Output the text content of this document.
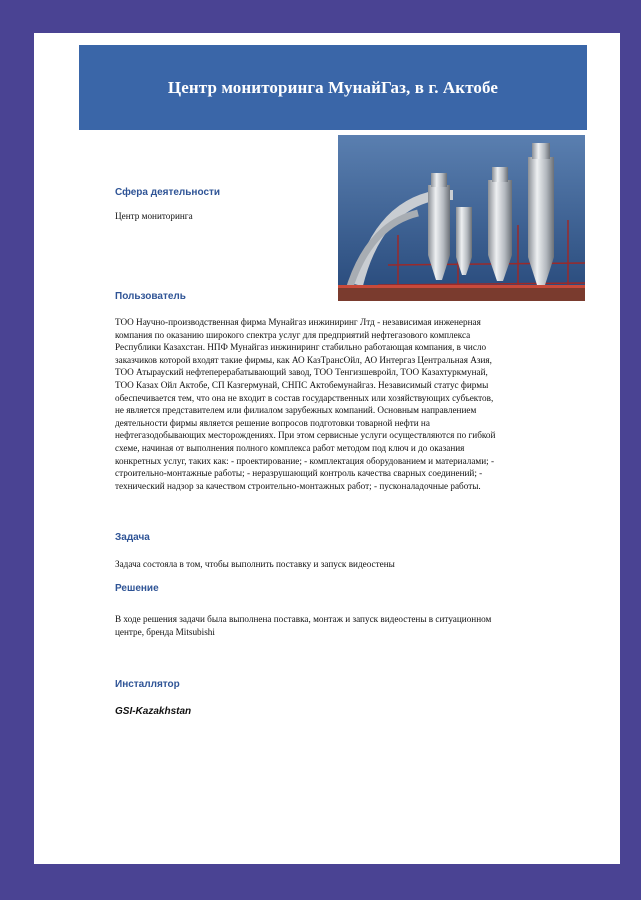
Центр мониторинга МунайГаз, в г. Актобе
Сфера деятельности
Центр мониторинга
Пользователь
ТОО Научно-производственная фирма Мунайгаз инжиниринг Лтд - независимая инженерная
компания по оказанию широкого спектра услуг для предприятий нефтегазового комплекса
Республики Казахстан. НПФ Мунайгаз инжиниринг стабильно работающая компания, в число
заказчиков которой входят такие фирмы, как АО КазТрансОйл, АО Интергаз Центральная Азия,
ТОО Атырауский нефтеперерабатывающий завод, ТОО Тенгизшевройл, ТОО Казахтуркмунай,
ТОО Казах Ойл Актобе, СП Казгермунай, СНПС Актобемунайгаз. Независимый статус фирмы
обеспечивается тем, что она не входит в состав государственных или хозяйствующих субъектов,
не является представителем или филиалом зарубежных компаний. Основным направлением
деятельности фирмы является решение вопросов подготовки товарной нефти на
нефтегазодобывающих месторождениях. При этом сервисные услуги осуществляются по гибкой
схеме, начиная от выполнения полного комплекса работ методом под ключ и до оказания
конкретных услуг, таких как: - проектирование; - комплектация оборудованием и материалами; -
строительно-монтажные работы; - неразрушающий контроль качества сварных соединений; -
технический надзор за качеством строительно-монтажных работ; - пусконаладочные работы.
Задача
Задача состояла в том, чтобы выполнить поставку и запуск видеостены
Решение
В ходе решения задачи была выполнена поставка, монтаж и запуск видеостены в ситуационном
центре, бренда Mitsubishi
Инсталлятор
GSI-Kazakhstan
